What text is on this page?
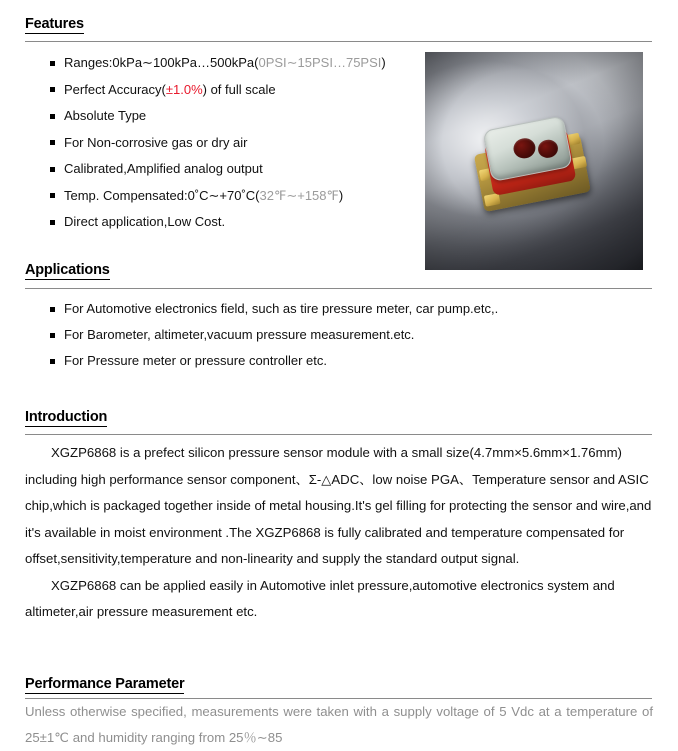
Features
Ranges:0kPa∼100kPa…500kPa(0PSI∼15PSI…75PSI)
Perfect Accuracy(±1.0%) of full scale
Absolute Type
For Non-corrosive gas or dry air
Calibrated,Amplified analog output
Temp. Compensated:0˚C∼+70˚C(32℉∼+158℉)
Direct application,Low Cost.
Applications
For Automotive electronics field, such as tire pressure meter, car pump.etc,.
For Barometer, altimeter,vacuum pressure measurement.etc.
For Pressure meter or pressure controller etc.
Introduction

XGZP6868 is a prefect silicon pressure sensor module with a small size(4.7mm×5.6mm×1.76mm) including high performance sensor component、Σ-△ADC、low noise PGA、Temperature sensor and ASIC chip,which is packaged together inside of metal housing.It's gel filling for protecting the sensor and wire,and it's available in moist environment .The XGZP6868 is fully calibrated and temperature compensated for offset,sensitivity,temperature and non-linearity and supply the standard output signal.

XGZP6868 can be applied easily in Automotive inlet pressure,automotive electronics system and altimeter,air pressure measurement etc.

Performance Parameter

Unless otherwise specified, measurements were taken with a supply voltage of 5 Vdc at a temperature of 25±1℃ and humidity ranging from 25％∼85
